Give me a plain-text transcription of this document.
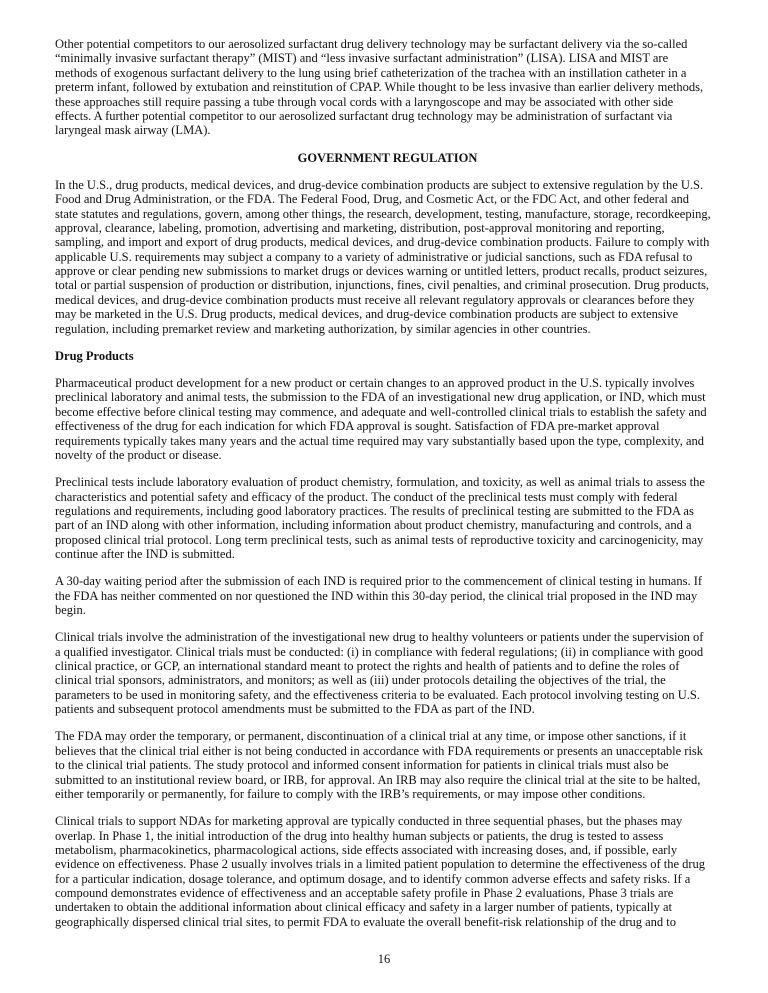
Other potential competitors to our aerosolized surfactant drug delivery technology may be surfactant delivery via the so-called
“minimally invasive surfactant therapy” (MIST) and “less invasive surfactant administration” (LISA). LISA and MIST are
methods of exogenous surfactant delivery to the lung using brief catheterization of the trachea with an instillation catheter in a
preterm infant, followed by extubation and reinstitution of CPAP. While thought to be less invasive than earlier delivery methods,
these approaches still require passing a tube through vocal cords with a laryngoscope and may be associated with other side
effects. A further potential competitor to our aerosolized surfactant drug technology may be administration of surfactant via
laryngeal mask airway (LMA).
GOVERNMENT REGULATION
In the U.S., drug products, medical devices, and drug-device combination products are subject to extensive regulation by the U.S.
Food and Drug Administration, or the FDA. The Federal Food, Drug, and Cosmetic Act, or the FDC Act, and other federal and
state statutes and regulations, govern, among other things, the research, development, testing, manufacture, storage, recordkeeping,
approval, clearance, labeling, promotion, advertising and marketing, distribution, post-approval monitoring and reporting,
sampling, and import and export of drug products, medical devices, and drug-device combination products. Failure to comply with
applicable U.S. requirements may subject a company to a variety of administrative or judicial sanctions, such as FDA refusal to
approve or clear pending new submissions to market drugs or devices warning or untitled letters, product recalls, product seizures,
total or partial suspension of production or distribution, injunctions, fines, civil penalties, and criminal prosecution. Drug products,
medical devices, and drug-device combination products must receive all relevant regulatory approvals or clearances before they
may be marketed in the U.S. Drug products, medical devices, and drug-device combination products are subject to extensive
regulation, including premarket review and marketing authorization, by similar agencies in other countries.
Drug Products
Pharmaceutical product development for a new product or certain changes to an approved product in the U.S. typically involves
preclinical laboratory and animal tests, the submission to the FDA of an investigational new drug application, or IND, which must
become effective before clinical testing may commence, and adequate and well-controlled clinical trials to establish the safety and
effectiveness of the drug for each indication for which FDA approval is sought. Satisfaction of FDA pre-market approval
requirements typically takes many years and the actual time required may vary substantially based upon the type, complexity, and
novelty of the product or disease.
Preclinical tests include laboratory evaluation of product chemistry, formulation, and toxicity, as well as animal trials to assess the
characteristics and potential safety and efficacy of the product. The conduct of the preclinical tests must comply with federal
regulations and requirements, including good laboratory practices. The results of preclinical testing are submitted to the FDA as
part of an IND along with other information, including information about product chemistry, manufacturing and controls, and a
proposed clinical trial protocol. Long term preclinical tests, such as animal tests of reproductive toxicity and carcinogenicity, may
continue after the IND is submitted.
A 30-day waiting period after the submission of each IND is required prior to the commencement of clinical testing in humans. If
the FDA has neither commented on nor questioned the IND within this 30-day period, the clinical trial proposed in the IND may
begin.
Clinical trials involve the administration of the investigational new drug to healthy volunteers or patients under the supervision of
a qualified investigator. Clinical trials must be conducted: (i) in compliance with federal regulations; (ii) in compliance with good
clinical practice, or GCP, an international standard meant to protect the rights and health of patients and to define the roles of
clinical trial sponsors, administrators, and monitors; as well as (iii) under protocols detailing the objectives of the trial, the
parameters to be used in monitoring safety, and the effectiveness criteria to be evaluated. Each protocol involving testing on U.S.
patients and subsequent protocol amendments must be submitted to the FDA as part of the IND.
The FDA may order the temporary, or permanent, discontinuation of a clinical trial at any time, or impose other sanctions, if it
believes that the clinical trial either is not being conducted in accordance with FDA requirements or presents an unacceptable risk
to the clinical trial patients. The study protocol and informed consent information for patients in clinical trials must also be
submitted to an institutional review board, or IRB, for approval. An IRB may also require the clinical trial at the site to be halted,
either temporarily or permanently, for failure to comply with the IRB’s requirements, or may impose other conditions.
Clinical trials to support NDAs for marketing approval are typically conducted in three sequential phases, but the phases may
overlap. In Phase 1, the initial introduction of the drug into healthy human subjects or patients, the drug is tested to assess
metabolism, pharmacokinetics, pharmacological actions, side effects associated with increasing doses, and, if possible, early
evidence on effectiveness. Phase 2 usually involves trials in a limited patient population to determine the effectiveness of the drug
for a particular indication, dosage tolerance, and optimum dosage, and to identify common adverse effects and safety risks. If a
compound demonstrates evidence of effectiveness and an acceptable safety profile in Phase 2 evaluations, Phase 3 trials are
undertaken to obtain the additional information about clinical efficacy and safety in a larger number of patients, typically at
geographically dispersed clinical trial sites, to permit FDA to evaluate the overall benefit-risk relationship of the drug and to
16
